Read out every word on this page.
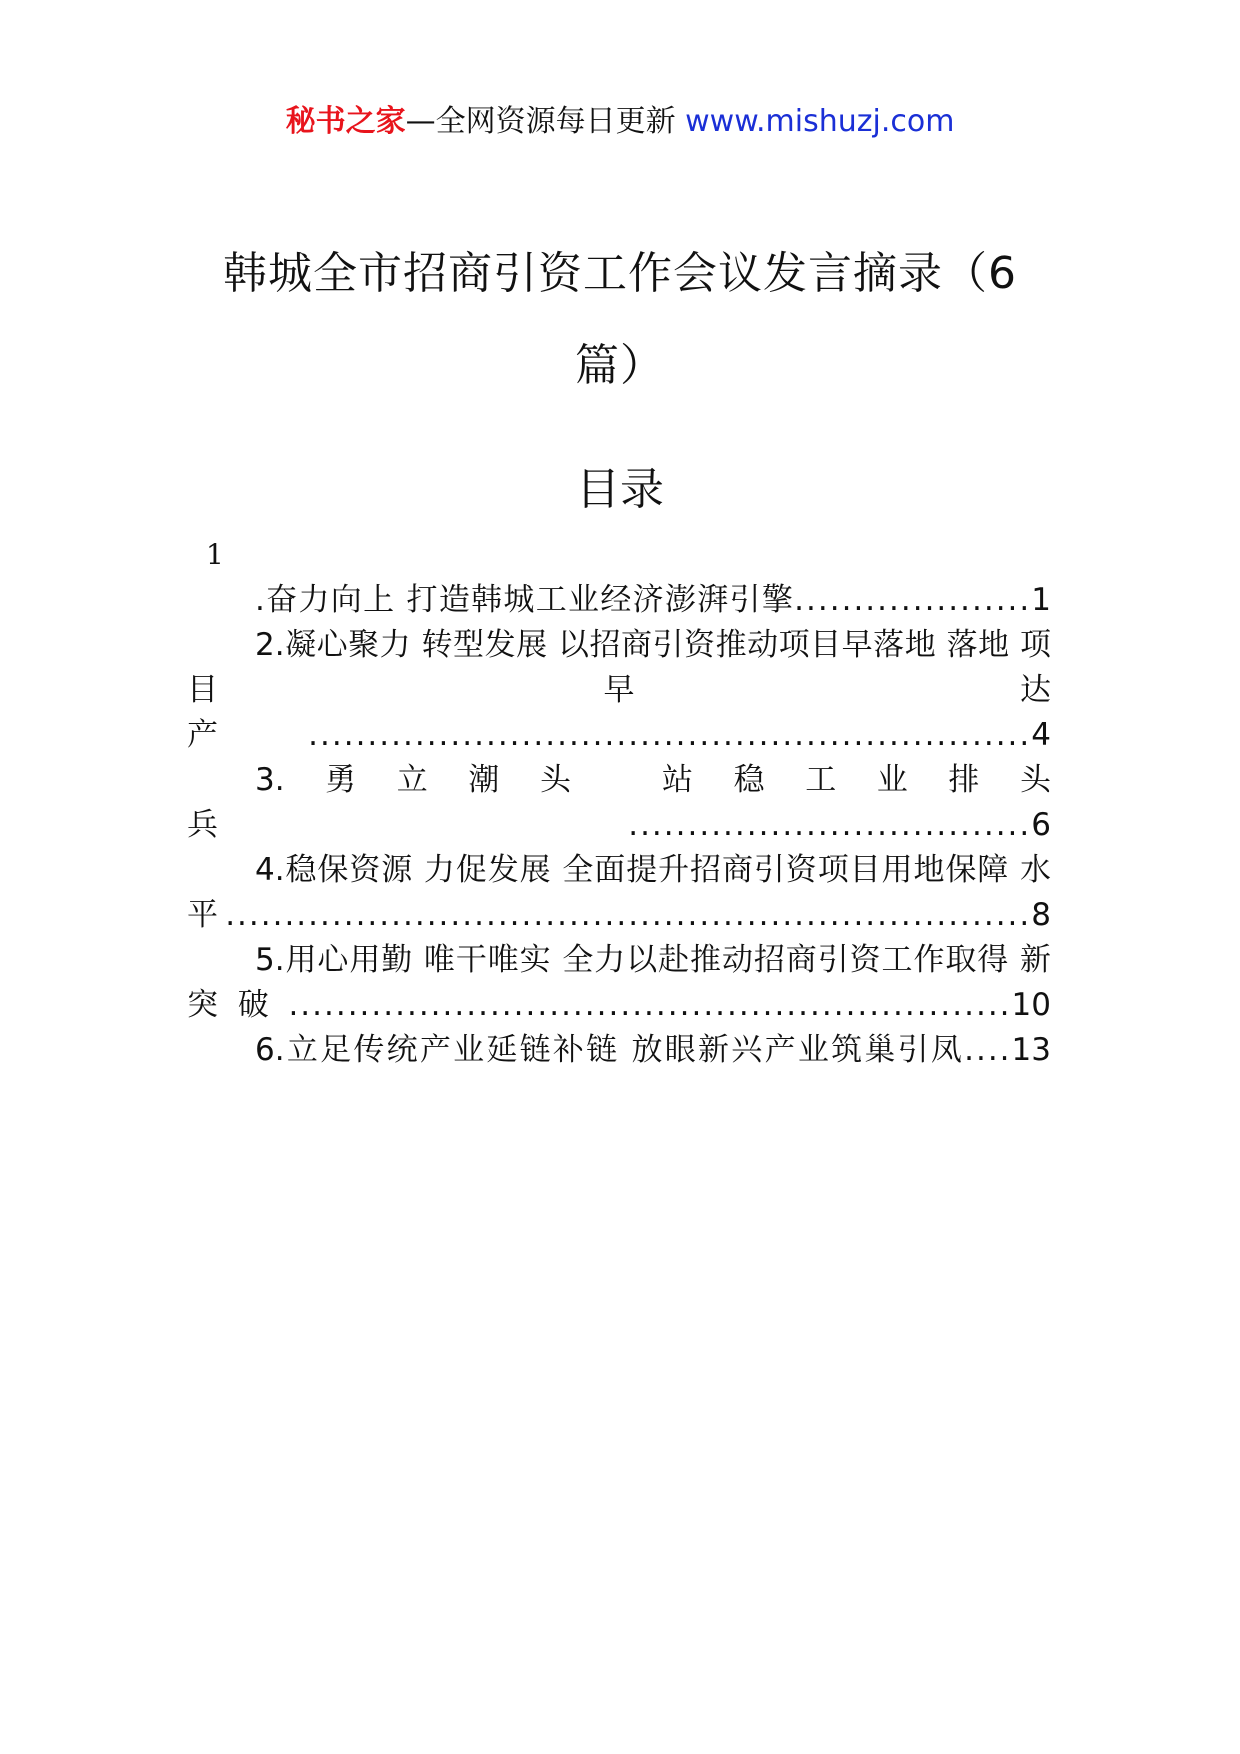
秘书之家—全网资源每日更新 www.mishuzj.com
韩城全市招商引资工作会议发言摘录（6
篇）
目录
1
.奋力向上 打造韩城工业经济澎湃引擎....................1
2.凝心聚力 转型发展 以招商引资推动项目早落地 落地 项目早达产.............................................................4
3.勇立潮头 站稳工业排头兵..................................6
4.稳保资源 力促发展 全面提升招商引资项目用地保障 水平....................................................................8
5.用心用勤 唯干唯实 全力以赴推动招商引资工作取得 新突破.............................................................10
6.立足传统产业延链补链 放眼新兴产业筑巢引凤....13
